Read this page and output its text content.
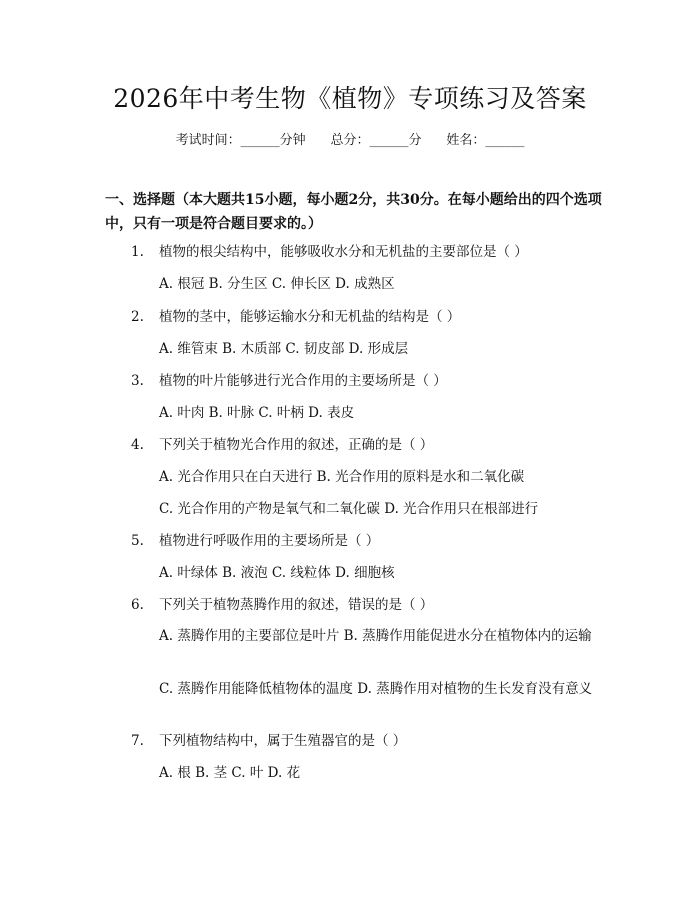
2026年中考生物《植物》专项练习及答案
考试时间：______分钟 总分：______分 姓名：______
一、选择题（本大题共15小题，每小题2分，共30分。在每小题给出的四个选项中，只有一项是符合题目要求的。）
1. 植物的根尖结构中，能够吸收水分和无机盐的主要部位是（ ）
A. 根冠 B. 分生区 C. 伸长区 D. 成熟区
2. 植物的茎中，能够运输水分和无机盐的结构是（ ）
A. 维管束 B. 木质部 C. 韧皮部 D. 形成层
3. 植物的叶片能够进行光合作用的主要场所是（ ）
A. 叶肉 B. 叶脉 C. 叶柄 D. 表皮
4. 下列关于植物光合作用的叙述，正确的是（ ）
A. 光合作用只在白天进行 B. 光合作用的原料是水和二氧化碳
C. 光合作用的产物是氧气和二氧化碳 D. 光合作用只在根部进行
5. 植物进行呼吸作用的主要场所是（ ）
A. 叶绿体 B. 液泡 C. 线粒体 D. 细胞核
6. 下列关于植物蒸腾作用的叙述，错误的是（ ）
A. 蒸腾作用的主要部位是叶片 B. 蒸腾作用能促进水分在植物体内的运输
C. 蒸腾作用能降低植物体的温度 D. 蒸腾作用对植物的生长发育没有意义
7. 下列植物结构中，属于生殖器官的是（ ）
A. 根 B. 茎 C. 叶 D. 花
